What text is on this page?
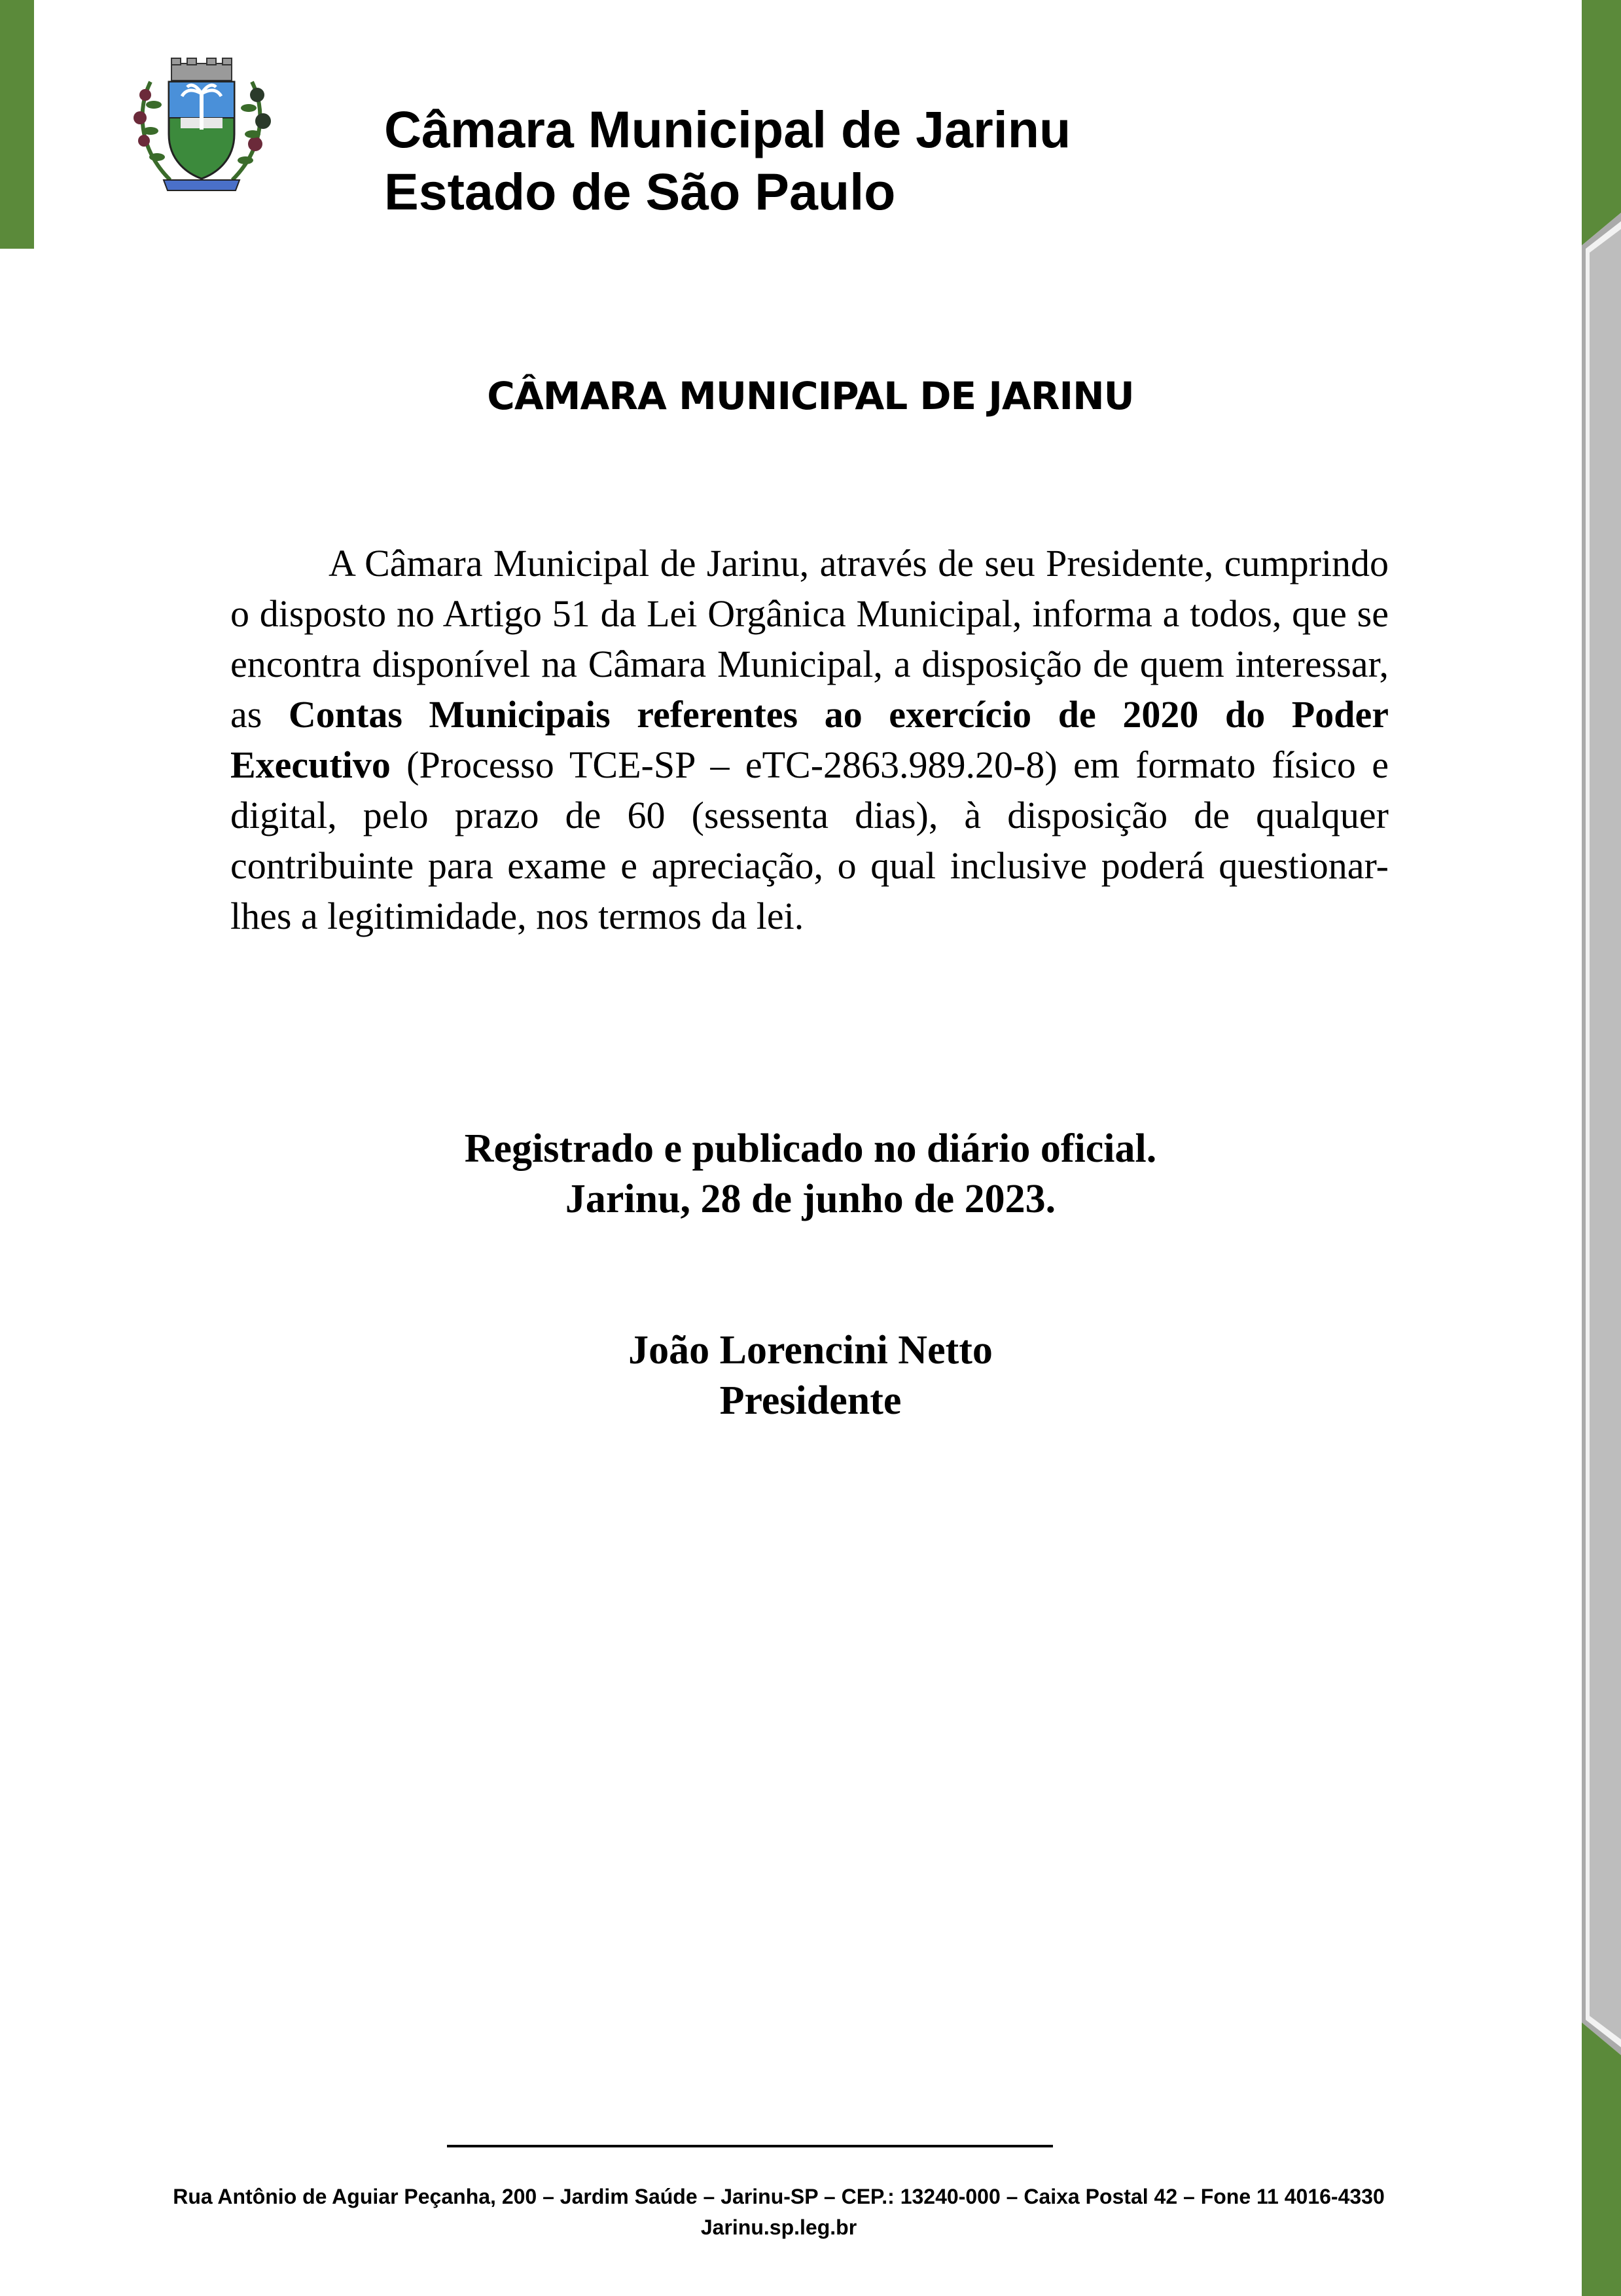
Câmara Municipal de Jarinu
Estado de São Paulo
CÂMARA MUNICIPAL DE JARINU
A Câmara Municipal de Jarinu, através de seu Presidente, cumprindo o disposto no Artigo 51 da Lei Orgânica Municipal, informa a todos, que se encontra disponível na Câmara Municipal, a disposição de quem interessar, as Contas Municipais referentes ao exercício de 2020 do Poder Executivo (Processo TCE-SP – eTC-2863.989.20-8) em formato físico e digital, pelo prazo de 60 (sessenta dias), à disposição de qualquer contribuinte para exame e apreciação, o qual inclusive poderá questionar-lhes a legitimidade, nos termos da lei.
Registrado e publicado no diário oficial.
Jarinu, 28 de junho de 2023.
João Lorencini Netto
Presidente
Rua Antônio de Aguiar Peçanha, 200 – Jardim Saúde – Jarinu-SP – CEP.: 13240-000 – Caixa Postal 42 – Fone 11 4016-4330
Jarinu.sp.leg.br
